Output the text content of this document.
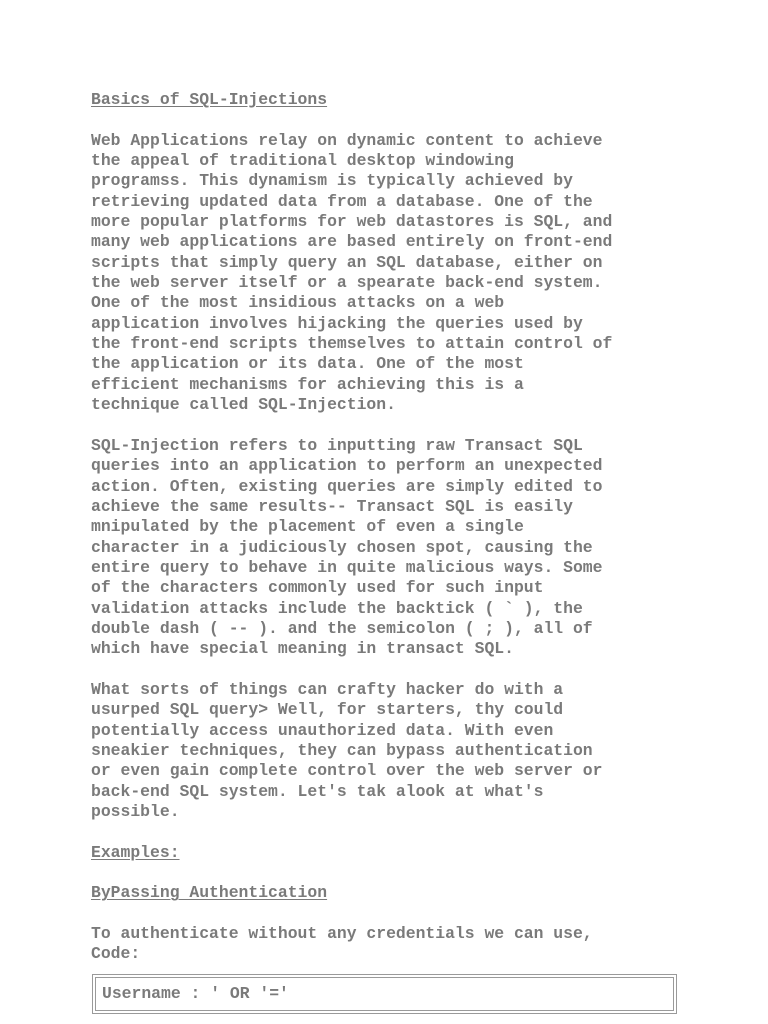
Basics of SQL-Injections
Web Applications relay on dynamic content to achieve
the appeal of traditional desktop windowing
programss. This dynamism is typically achieved by
retrieving updated data from a database. One of the
more popular platforms for web datastores is SQL, and
many web applications are based entirely on front-end
scripts that simply query an SQL database, either on
the web server itself or a spearate back-end system.
One of the most insidious attacks on a web
application involves hijacking the queries used by
the front-end scripts themselves to attain control of
the application or its data. One of the most
efficient mechanisms for achieving this is a
technique called SQL-Injection.
SQL-Injection refers to inputting raw Transact SQL
queries into an application to perform an unexpected
action. Often, existing queries are simply edited to
achieve the same results-- Transact SQL is easily
mnipulated by the placement of even a single
character in a judiciously chosen spot, causing the
entire query to behave in quite malicious ways. Some
of the characters commonly used for such input
validation attacks include the backtick ( ` ), the
double dash ( -- ). and the semicolon ( ; ), all of
which have special meaning in transact SQL.
What sorts of things can crafty hacker do with a
usurped SQL query> Well, for starters, thy could
potentially access unauthorized data. With even
sneakier techniques, they can bypass authentication
or even gain complete control over the web server or
back-end SQL system. Let's tak alook at what's
possible.
Examples:
ByPassing Authentication
To authenticate without any credentials we can use,
Code:
Username : ' OR '='
